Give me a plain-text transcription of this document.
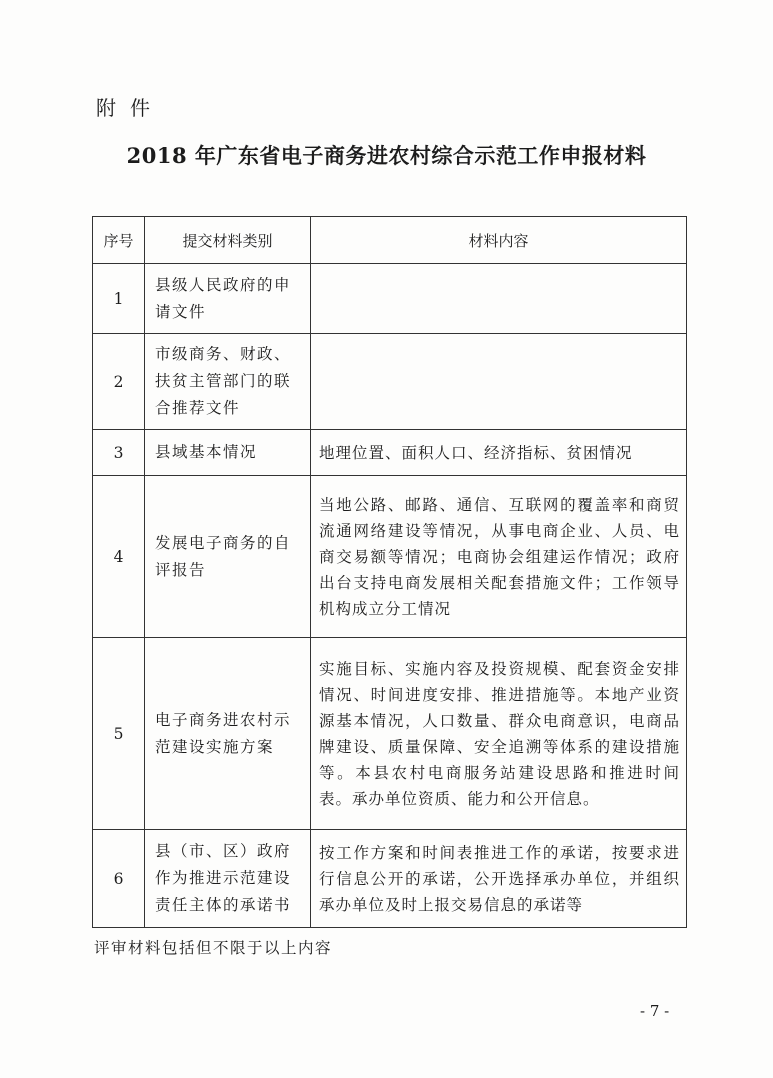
附件
2018 年广东省电子商务进农村综合示范工作申报材料
序号	提交材料类别	材料内容
1	县级人民政府的申请文件	
2	市级商务、财政、扶贫主管部门的联合推荐文件	
3	县域基本情况	地理位置、面积人口、经济指标、贫困情况
4	发展电子商务的自评报告	当地公路、邮路、通信、互联网的覆盖率和商贸流通网络建设等情况，从事电商企业、人员、电商交易额等情况；电商协会组建运作情况；政府出台支持电商发展相关配套措施文件；工作领导机构成立分工情况
5	电子商务进农村示范建设实施方案	实施目标、实施内容及投资规模、配套资金安排情况、时间进度安排、推进措施等。本地产业资源基本情况，人口数量、群众电商意识，电商品牌建设、质量保障、安全追溯等体系的建设措施等。本县农村电商服务站建设思路和推进时间表。承办单位资质、能力和公开信息。
6	县（市、区）政府作为推进示范建设责任主体的承诺书	按工作方案和时间表推进工作的承诺，按要求进行信息公开的承诺，公开选择承办单位，并组织承办单位及时上报交易信息的承诺等
评审材料包括但不限于以上内容
- 7 -
